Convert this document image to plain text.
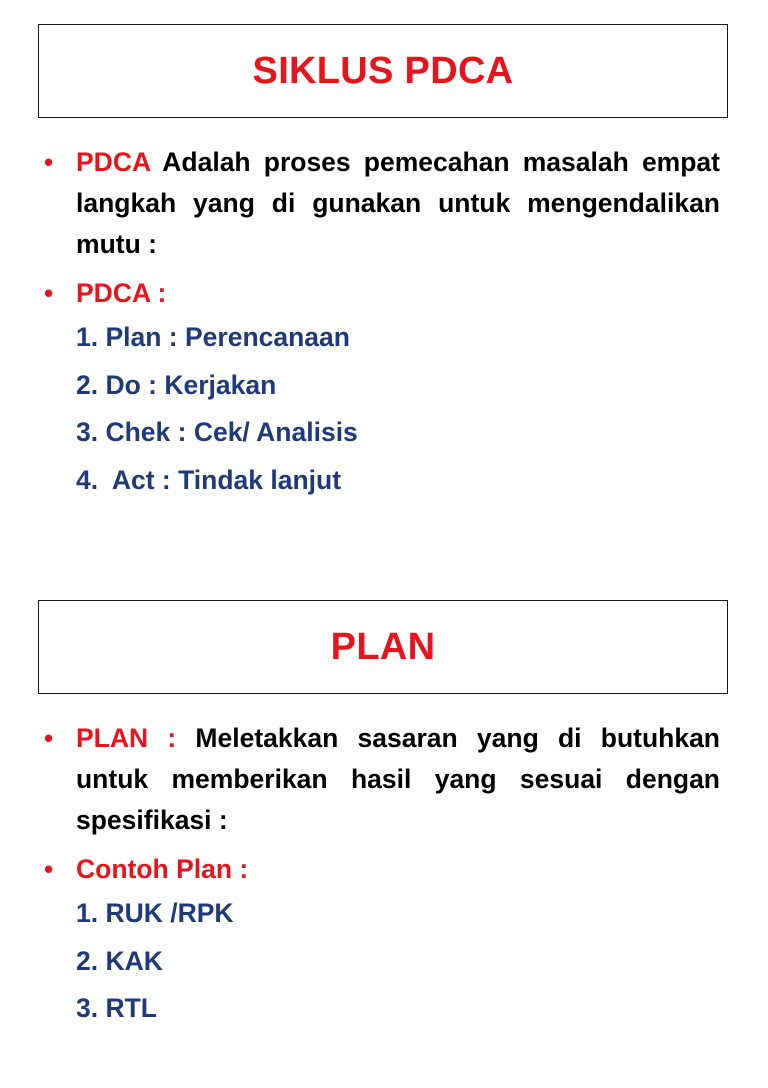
SIKLUS PDCA
• PDCA Adalah proses pemecahan masalah empat langkah yang di gunakan untuk mengendalikan mutu :
• PDCA :
1. Plan : Perencanaan
2. Do : Kerjakan
3. Chek : Cek/ Analisis
4.  Act : Tindak lanjut
PLAN
• PLAN : Meletakkan sasaran yang di butuhkan untuk memberikan hasil yang sesuai dengan spesifikasi :
• Contoh Plan :
1. RUK /RPK
2. KAK
3. RTL
